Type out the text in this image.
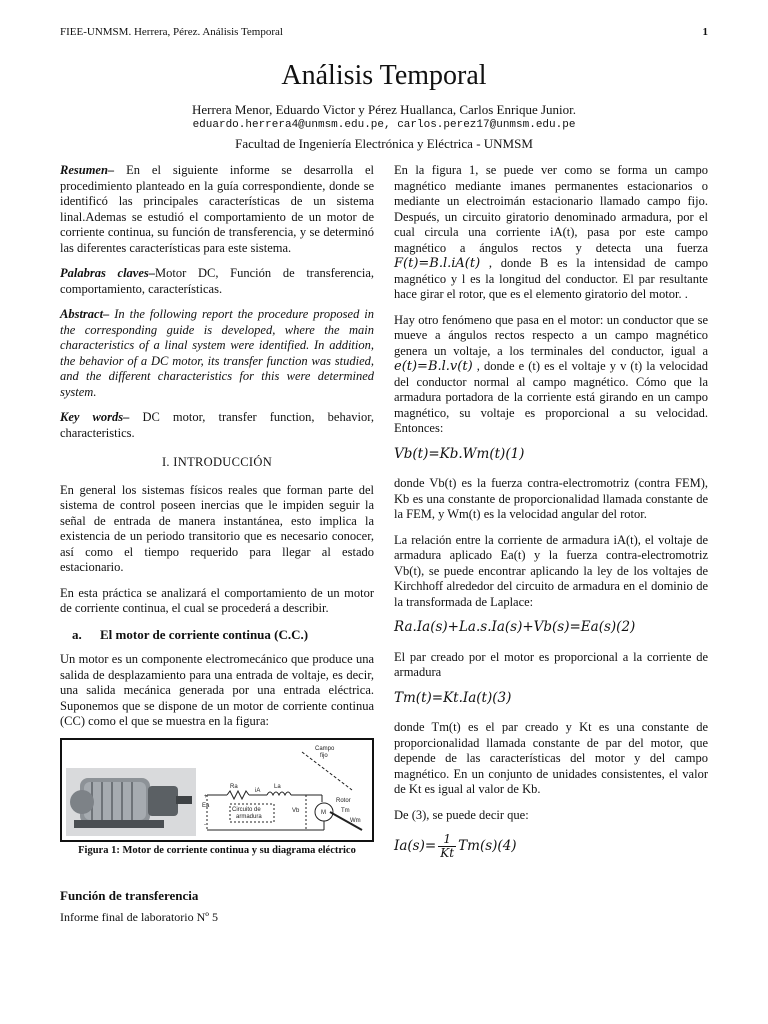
FIEE-UNMSM. Herrera, Pérez. Análisis Temporal	1
Análisis Temporal
Herrera Menor, Eduardo Victor y Pérez Huallanca, Carlos Enrique Junior.
eduardo.herrera4@unmsm.edu.pe, carlos.perez17@unmsm.edu.pe
Facultad de Ingeniería Electrónica y Eléctrica - UNMSM

Resumen– En el siguiente informe se desarrolla el procedimiento planteado en la guía correspondiente, donde se identificó las principales características de un sistema linal.Ademas se estudió el comportamiento de un motor de corriente continua, su función de transferencia, y se determinó las diferentes características para este sistema.

Palabras claves–Motor DC, Función de transferencia, comportamiento, características.

Abstract– In the following report the procedure proposed in the corresponding guide is developed, where the main characteristics of a linal system were identified. In addition, the behavior of a DC motor, its transfer function was studied, and the different characteristics for this were determined system.

Key words– DC motor, transfer function, behavior, characteristics.

I. INTRODUCCIÓN

En general los sistemas físicos reales que forman parte del sistema de control poseen inercias que le impiden seguir la señal de entrada de manera instantánea, esto implica la existencia de un periodo transitorio que es necesario conocer, así como el tiempo requerido para llegar al estado estacionario.

En esta práctica se analizará el comportamiento de un motor de corriente continua, el cual se procederá a describir.

a. El motor de corriente continua (C.C.)

Un motor es un componente electromecánico que produce una salida de desplazamiento para una entrada de voltaje, es decir, una salida mecánica generada por una entrada eléctrica. Suponemos que se dispone de un motor de corriente continua (CC) como el que se muestra en la figura:

Campo
fijo
Ra
iA
La
Ea
Circuito de
armadura
Vb	M
Rotor
Tm
Wm
+
-
Figura 1: Motor de corriente continua y su diagrama eléctrico
Función de transferencia

Informe final de laboratorio Nº 5

En la figura 1, se puede ver como se forma un campo magnético mediante imanes permanentes estacionarios o mediante un electroimán estacionario llamado campo fijo. Después, un circuito giratorio denominado armadura, por el cual circula una corriente iA(t), pasa por este campo magnético a ángulos rectos y detecta una fuerza F(t)=B.l.iA(t) , donde B es la intensidad de campo magnético y l es la longitud del conductor. El par resultante hace girar el rotor, que es el elemento giratorio del motor. .

Hay otro fenómeno que pasa en el motor: un conductor que se mueve a ángulos rectos respecto a un campo magnético genera un voltaje, a los terminales del conductor, igual a e(t)=B.l.v(t) , donde e (t) es el voltaje y v (t) la velocidad del conductor normal al campo magnético. Cómo que la armadura portadora de la corriente está girando en un campo magnético, su voltaje es proporcional a su velocidad. Entonces:

Vb(t)=Kb.Wm(t)(1)

donde Vb(t) es la fuerza contra-electromotriz (contra FEM), Kb es una constante de proporcionalidad llamada constante de la FEM, y Wm(t) es la velocidad angular del rotor.

La relación entre la corriente de armadura iA(t), el voltaje de armadura aplicado Ea(t) y la fuerza contra-electromotriz Vb(t), se puede encontrar aplicando la ley de los voltajes de Kirchhoff alrededor del circuito de armadura en el dominio de la transformada de Laplace:

Ra.Ia(s)+La.s.Ia(s)+Vb(s)=Ea(s)(2)

El par creado por el motor es proporcional a la corriente de armadura

Tm(t)=Kt.Ia(t)(3)

donde Tm(t) es el par creado y Kt es una constante de proporcionalidad llamada constante de par del motor, que depende de las características del motor y del campo magnético. En un conjunto de unidades consistentes, el valor de Kt es igual al valor de Kb.

De (3), se puede decir que:

$Ia(s)= \frac{1}{Kt} Tm(s)(4)$
